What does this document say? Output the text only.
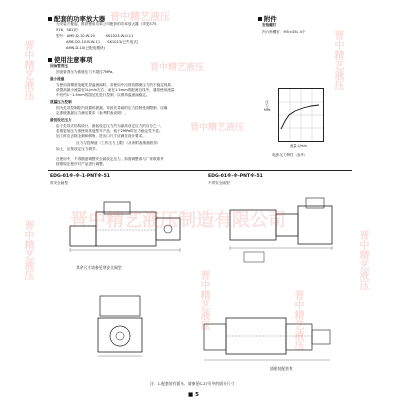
配套的功率放大器
为安装方便起，推荐使用功率公司配套的功率放大器（详见575、
576、581页）
型号：AME-D-10-W-20　　　SK1023-W-II-11
AME-D2-10-B-W-11　　SK1013(已失电式)
AMN-D-10(已配电模块)
使用注意事项
回油管背压
回油管背压为系统压力不超过7MPa。
最小流量
当使用高精度电磁先导溢流阀时，若使用中出现初期流压力的不稳定现象，
请提高最小流量至1L/min左右；而在1.5mm的配流衍线中，通常使用流量
中有约1~1.5mm的阻尼孔进行控制，以维持溢流阀稳定。
泄漏压力控制
因为先导控制腔内设置的泄漏，导致先导阀的压力控制受到限制，应确
定系统泄漏压力满足要求（参考附表说明）。
最低设定压力
由于先导式结构设计，最低设定压力约为最高设定压力的百分之一，
若需更低压力请使用其他型号产品；低于2MPa时压力稳定性不佳。
加工时应去除毛刺和倒角，进出口尺寸应满足设计要求。
压力与控制值（工作压力上限）（从所附表推测获得）
如上，应按设定压力调节。
在使用中，不得随意调整安全阀设定压力，如需调整请与厂家联系并
按照规定程序对产品进行调整。
附件
安装螺钉
内六角螺钉：M5×45L 4个
压力MPa
流量 L/min
电流-压力特性（参考）
EDG-01※-※-1-PNT※-51
带安全阀型
EDG-01※-※-PNT※-51
不带安全阀型
其余尺寸请参见带安全阀型
插座装配装有
注：1.配套装有插头，请参见S-27页中的插头尺寸
■ 5
晋中精艺液压
晋中精艺液压
晋中精艺液压
晋中精艺液压
晋中精艺液压
晋中精艺液压	晋中精艺液压
晋中精艺液压	晋中精艺液压
